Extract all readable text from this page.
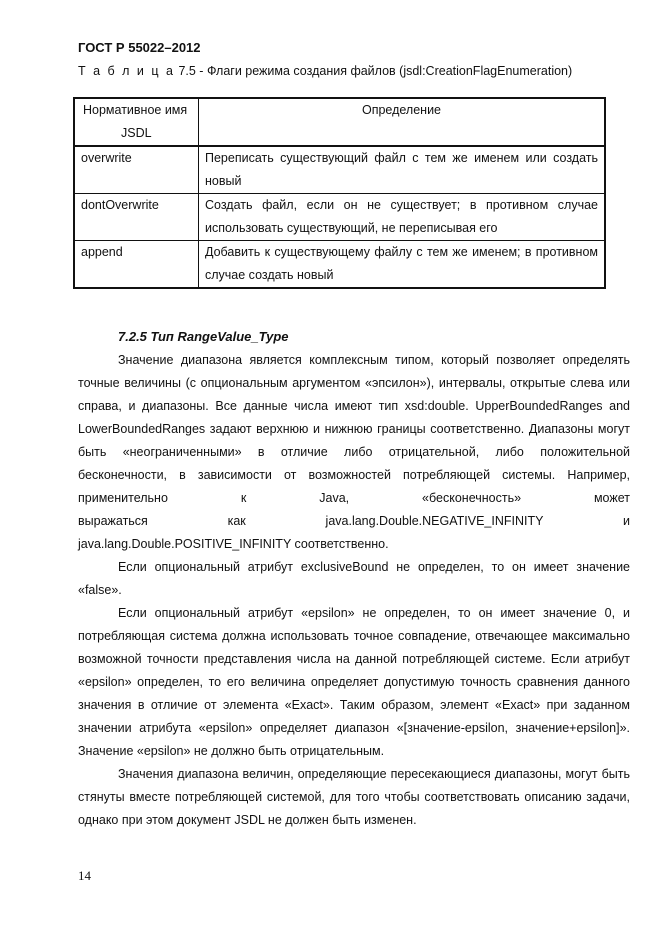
ГОСТ Р 55022–2012
Т а б л и ц а 7.5 - Флаги режима создания файлов (jsdl:CreationFlagEnumeration)
Нормативное имя
JSDL	Определение
overwrite	Переписать существующий файл с тем же именем или создать новый
dontOverwrite	Создать файл, если он не существует; в противном случае использовать существующий, не переписывая его
append	Добавить к существующему файлу с тем же именем; в противном случае создать новый
7.2.5 Тип RangeValue_Type

Значение диапазона является комплексным типом, который позволяет определять точные величины (с опциональным аргументом «эпсилон»), интервалы, открытые слева или справа, и диапазоны. Все данные числа имеют тип xsd:double. UpperBoundedRanges and LowerBoundedRanges задают верхнюю и нижнюю границы соответственно. Диапазоны могут быть «неограниченными» в отличие либо отрицательной, либо положительной бесконечности, в зависимости от возможностей потребляющей системы. Например, применительно к Java, «бесконечность» может
выражаться как java.lang.Double.NEGATIVE_INFINITY и
java.lang.Double.POSITIVE_INFINITY соответственно.

Если опциональный атрибут exclusiveBound не определен, то он имеет значение «false».

Если опциональный атрибут «epsilon» не определен, то он имеет значение 0, и потребляющая система должна использовать точное совпадение, отвечающее максимально возможной точности представления числа на данной потребляющей системе. Если атрибут «epsilon» определен, то его величина определяет допустимую точность сравнения данного значения в отличие от элемента «Exact». Таким образом, элемент «Exact» при заданном значении атрибута «epsilon» определяет диапазон «[значение-epsilon, значение+epsilon]». Значение «epsilon» не должно быть отрицательным.

Значения диапазона величин, определяющие пересекающиеся диапазоны, могут быть стянуты вместе потребляющей системой, для того чтобы соответствовать описанию задачи, однако при этом документ JSDL не должен быть изменен.

14
